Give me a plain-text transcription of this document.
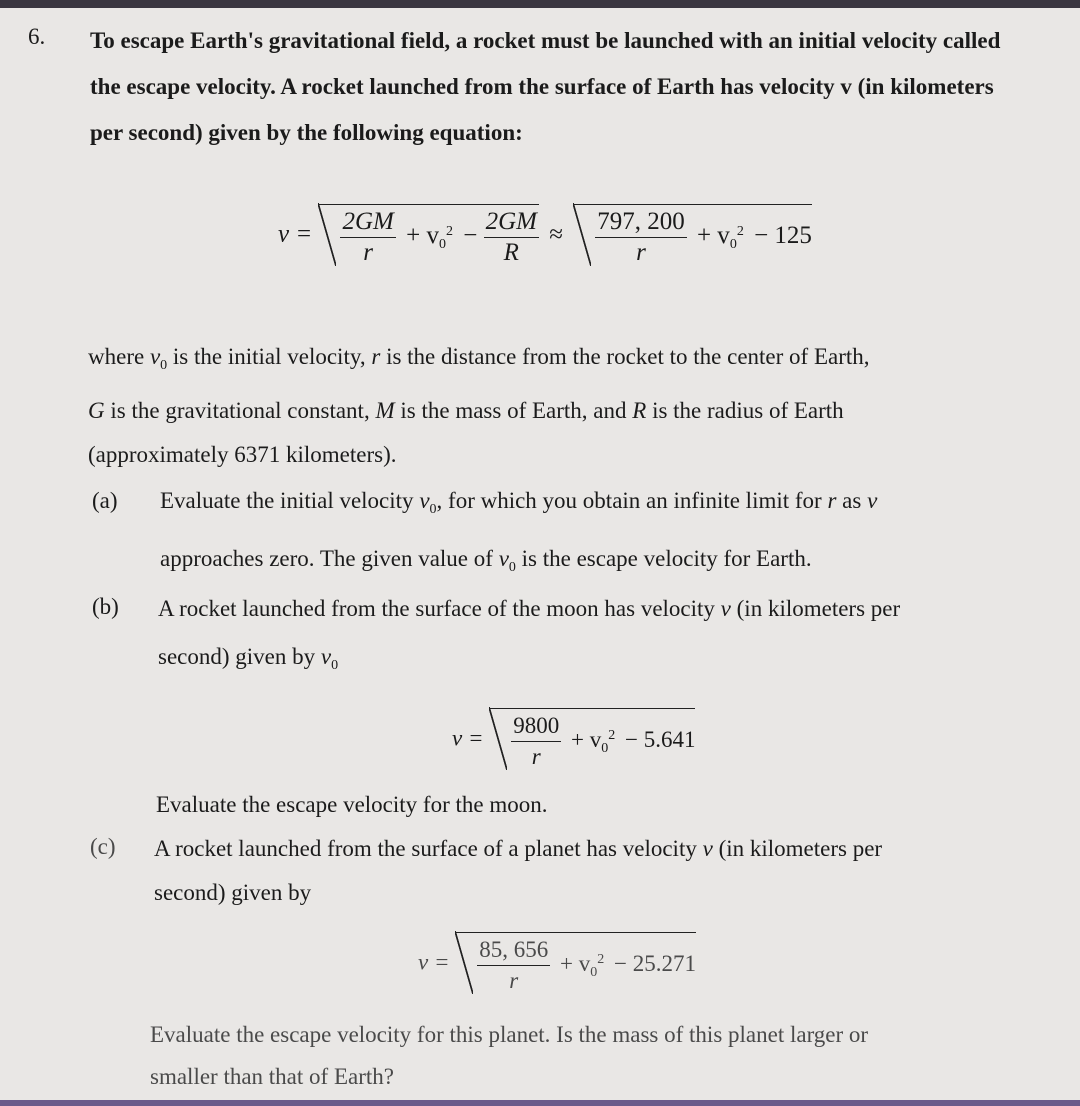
6. To escape Earth's gravitational field, a rocket must be launched with an initial velocity called the escape velocity. A rocket launched from the surface of Earth has velocity v (in kilometers per second) given by the following equation:

$v = \frac{2GM}{r} + v_0^2 - \frac{2GM}{R} \approx \frac{797, 200}{r} + v_0^2 - 125$

where $v_0$ is the initial velocity, r is the distance from the rocket to the center of Earth,

G is the gravitational constant, M is the mass of Earth, and R is the radius of Earth

(approximately 6371 kilometers).

(a) Evaluate the initial velocity $v_0$, for which you obtain an infinite limit for r as v

approaches zero. The given value of $v_0$ is the escape velocity for Earth.

(b) A rocket launched from the surface of the moon has velocity v (in kilometers per

second) given by $v_0$

$v = \frac{9800}{r} + v_0^2 - 5.641$

Evaluate the escape velocity for the moon.

(c) A rocket launched from the surface of a planet has velocity v (in kilometers per

second) given by

$v = \frac{85, 656}{r} + v_0^2 - 25.271$

Evaluate the escape velocity for this planet. Is the mass of this planet larger or

smaller than that of Earth?
